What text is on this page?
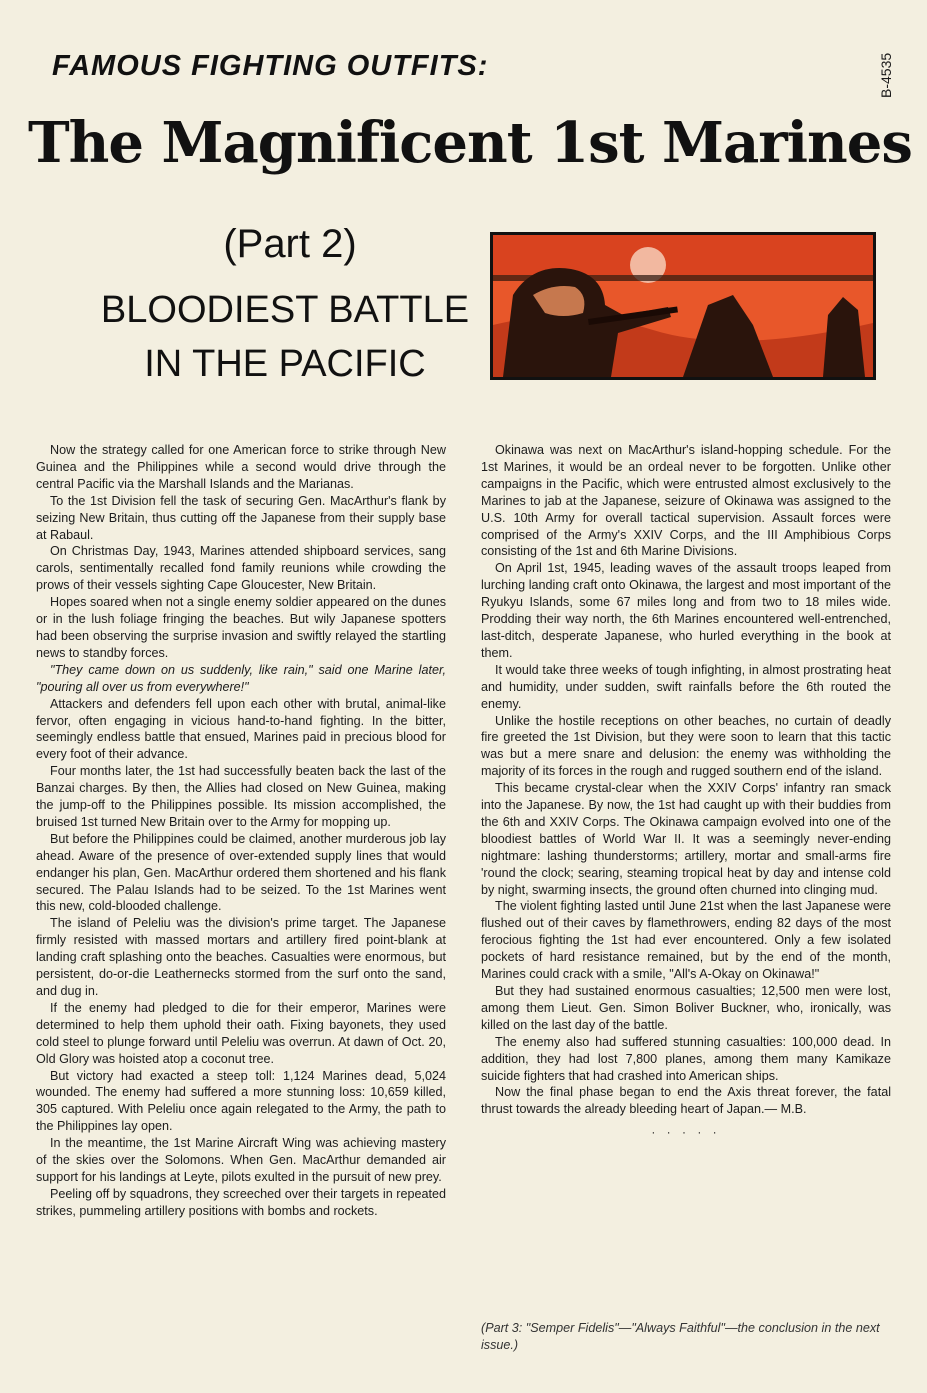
FAMOUS FIGHTING OUTFITS:	B-4535
The Magnificent 1st Marines
(Part 2)
BLOODIEST BATTLE
IN THE PACIFIC

Now the strategy called for one American force to strike through New Guinea and the Philippines while a second would drive through the central Pacific via the Marshall Islands and the Marianas.

To the 1st Division fell the task of securing Gen. MacArthur's flank by seizing New Britain, thus cutting off the Japanese from their supply base at Rabaul.

On Christmas Day, 1943, Marines attended shipboard services, sang carols, sentimentally recalled fond family reunions while crowding the prows of their vessels sighting Cape Gloucester, New Britain.

Hopes soared when not a single enemy soldier appeared on the dunes or in the lush foliage fringing the beaches. But wily Japanese spotters had been observing the surprise invasion and swiftly relayed the startling news to standby forces.

"They came down on us suddenly, like rain," said one Marine later, "pouring all over us from everywhere!"

Attackers and defenders fell upon each other with brutal, animal-like fervor, often engaging in vicious hand-to-hand fighting. In the bitter, seemingly endless battle that ensued, Marines paid in precious blood for every foot of their advance.

Four months later, the 1st had successfully beaten back the last of the Banzai charges. By then, the Allies had closed on New Guinea, making the jump-off to the Philippines possible. Its mission accomplished, the bruised 1st turned New Britain over to the Army for mopping up.

But before the Philippines could be claimed, another murderous job lay ahead. Aware of the presence of over-extended supply lines that would endanger his plan, Gen. MacArthur ordered them shortened and his flank secured. The Palau Islands had to be seized. To the 1st Marines went this new, cold-blooded challenge.

The island of Peleliu was the division's prime target. The Japanese firmly resisted with massed mortars and artillery fired point-blank at landing craft splashing onto the beaches. Casualties were enormous, but persistent, do-or-die Leathernecks stormed from the surf onto the sand, and dug in.

If the enemy had pledged to die for their emperor, Marines were determined to help them uphold their oath. Fixing bayonets, they used cold steel to plunge forward until Peleliu was overrun. At dawn of Oct. 20, Old Glory was hoisted atop a coconut tree.

But victory had exacted a steep toll: 1,124 Marines dead, 5,024 wounded. The enemy had suffered a more stunning loss: 10,659 killed, 305 captured. With Peleliu once again relegated to the Army, the path to the Philippines lay open.

In the meantime, the 1st Marine Aircraft Wing was achieving mastery of the skies over the Solomons. When Gen. MacArthur demanded air support for his landings at Leyte, pilots exulted in the pursuit of new prey.

Peeling off by squadrons, they screeched over their targets in repeated strikes, pummeling artillery positions with bombs and rockets.

Okinawa was next on MacArthur's island-hopping schedule. For the 1st Marines, it would be an ordeal never to be forgotten. Unlike other campaigns in the Pacific, which were entrusted almost exclusively to the Marines to jab at the Japanese, seizure of Okinawa was assigned to the U.S. 10th Army for overall tactical supervision. Assault forces were comprised of the Army's XXIV Corps, and the III Amphibious Corps consisting of the 1st and 6th Marine Divisions.

On April 1st, 1945, leading waves of the assault troops leaped from lurching landing craft onto Okinawa, the largest and most important of the Ryukyu Islands, some 67 miles long and from two to 18 miles wide. Prodding their way north, the 6th Marines encountered well-entrenched, last-ditch, desperate Japanese, who hurled everything in the book at them.

It would take three weeks of tough infighting, in almost prostrating heat and humidity, under sudden, swift rainfalls before the 6th routed the enemy.

Unlike the hostile receptions on other beaches, no curtain of deadly fire greeted the 1st Division, but they were soon to learn that this tactic was but a mere snare and delusion: the enemy was withholding the majority of its forces in the rough and rugged southern end of the island.

This became crystal-clear when the XXIV Corps' infantry ran smack into the Japanese. By now, the 1st had caught up with their buddies from the 6th and XXIV Corps. The Okinawa campaign evolved into one of the bloodiest battles of World War II. It was a seemingly never-ending nightmare: lashing thunderstorms; artillery, mortar and small-arms fire 'round the clock; searing, steaming tropical heat by day and intense cold by night, swarming insects, the ground often churned into clinging mud.

The violent fighting lasted until June 21st when the last Japanese were flushed out of their caves by flamethrowers, ending 82 days of the most ferocious fighting the 1st had ever encountered. Only a few isolated pockets of hard resistance remained, but by the end of the month, Marines could crack with a smile, "All's A-Okay on Okinawa!"

But they had sustained enormous casualties; 12,500 men were lost, among them Lieut. Gen. Simon Boliver Buckner, who, ironically, was killed on the last day of the battle.

The enemy also had suffered stunning casualties: 100,000 dead. In addition, they had lost 7,800 planes, among them many Kamikaze suicide fighters that had crashed into American ships.

Now the final phase began to end the Axis threat forever, the fatal thrust towards the already bleeding heart of Japan.— M.B.

· · · · ·
(Part 3: "Semper Fidelis"—"Always Faithful"—the conclusion in the next issue.)
